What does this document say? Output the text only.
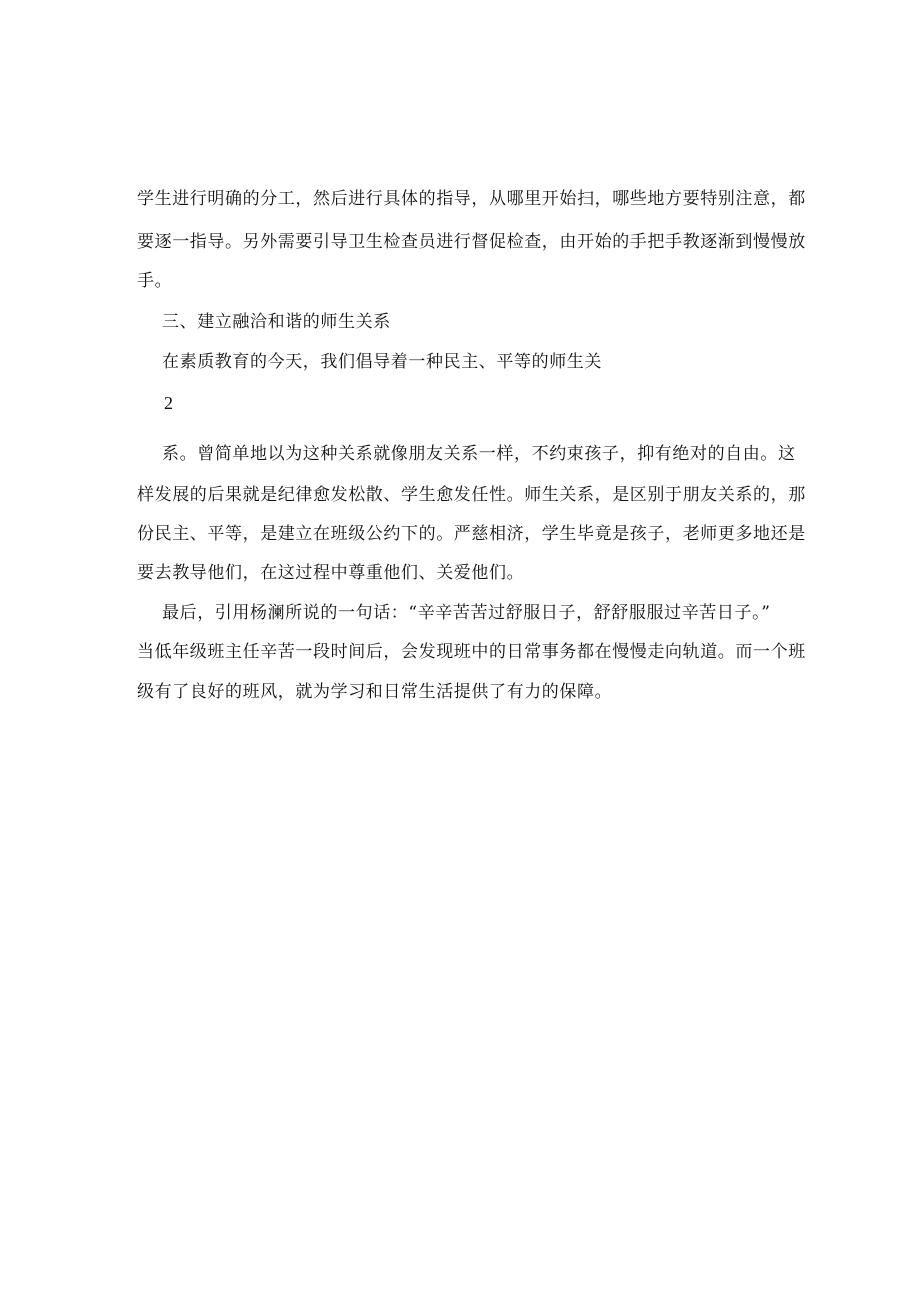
学生进行明确的分工，然后进行具体的指导，从哪里开始扫，哪些地方要特别注意，都
要逐一指导。另外需要引导卫生检查员进行督促检查，由开始的手把手教逐渐到慢慢放
手。
三、建立融洽和谐的师生关系
在素质教育的今天，我们倡导着一种民主、平等的师生关
2
系。曾简单地以为这种关系就像朋友关系一样，不约束孩子，抑有绝对的自由。这
样发展的后果就是纪律愈发松散、学生愈发任性。师生关系，是区别于朋友关系的，那
份民主、平等，是建立在班级公约下的。严慈相济，学生毕竟是孩子，老师更多地还是
要去教导他们，在这过程中尊重他们、关爱他们。
最后，引用杨澜所说的一句话：“辛辛苦苦过舒服日子，舒舒服服过辛苦日子。”
当低年级班主任辛苦一段时间后，会发现班中的日常事务都在慢慢走向轨道。而一个班
级有了良好的班风，就为学习和日常生活提供了有力的保障。
